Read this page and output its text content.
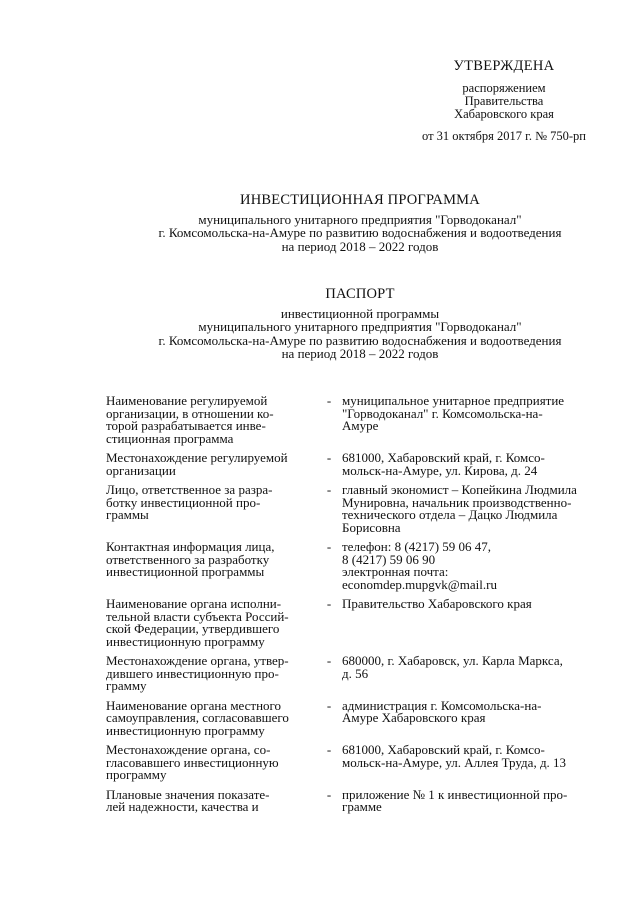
УТВЕРЖДЕНА
распоряжением
Правительства
Хабаровского края
от 31 октября 2017 г. № 750-рп
ИНВЕСТИЦИОННАЯ ПРОГРАММА
муниципального унитарного предприятия "Горводоканал"
г. Комсомольска-на-Амуре по развитию водоснабжения и водоотведения
на период 2018 – 2022 годов
ПАСПОРТ
инвестиционной программы
муниципального унитарного предприятия "Горводоканал"
г. Комсомольска-на-Амуре по развитию водоснабжения и водоотведения
на период 2018 – 2022 годов
Наименование регулируемой
организации, в отношении ко-
торой разрабатывается инве-
стиционная программа
- муниципальное унитарное предприятие
"Горводоканал" г. Комсомольска-на-
Амуре
Местонахождение регулируемой
организации
- 681000, Хабаровский край, г. Комсо-
мольск-на-Амуре, ул. Кирова, д. 24
Лицо, ответственное за разра-
ботку инвестиционной про-
граммы
- главный экономист – Копейкина Людмила
Мунировна, начальник производственно-
технического отдела – Дацко Людмила
Борисовна
Контактная информация лица,
ответственного за разработку
инвестиционной программы
- телефон: 8 (4217) 59 06 47,
8 (4217) 59 06 90
электронная почта:
economdep.mupgvk@mail.ru
Наименование органа исполни-
тельной власти субъекта Россий-
ской Федерации, утвердившего
инвестиционную программу
- Правительство Хабаровского края
Местонахождение органа, утвер-
дившего инвестиционную про-
грамму
- 680000, г. Хабаровск, ул. Карла Маркса,
д. 56
Наименование органа местного
самоуправления, согласовавшего
инвестиционную программу
- администрация г. Комсомольска-на-
Амуре Хабаровского края
Местонахождение органа, со-
гласовавшего инвестиционную
программу
- 681000, Хабаровский край, г. Комсо-
мольск-на-Амуре, ул. Аллея Труда, д. 13
Плановые значения показате-
лей надежности, качества и
- приложение № 1 к инвестиционной про-
грамме
